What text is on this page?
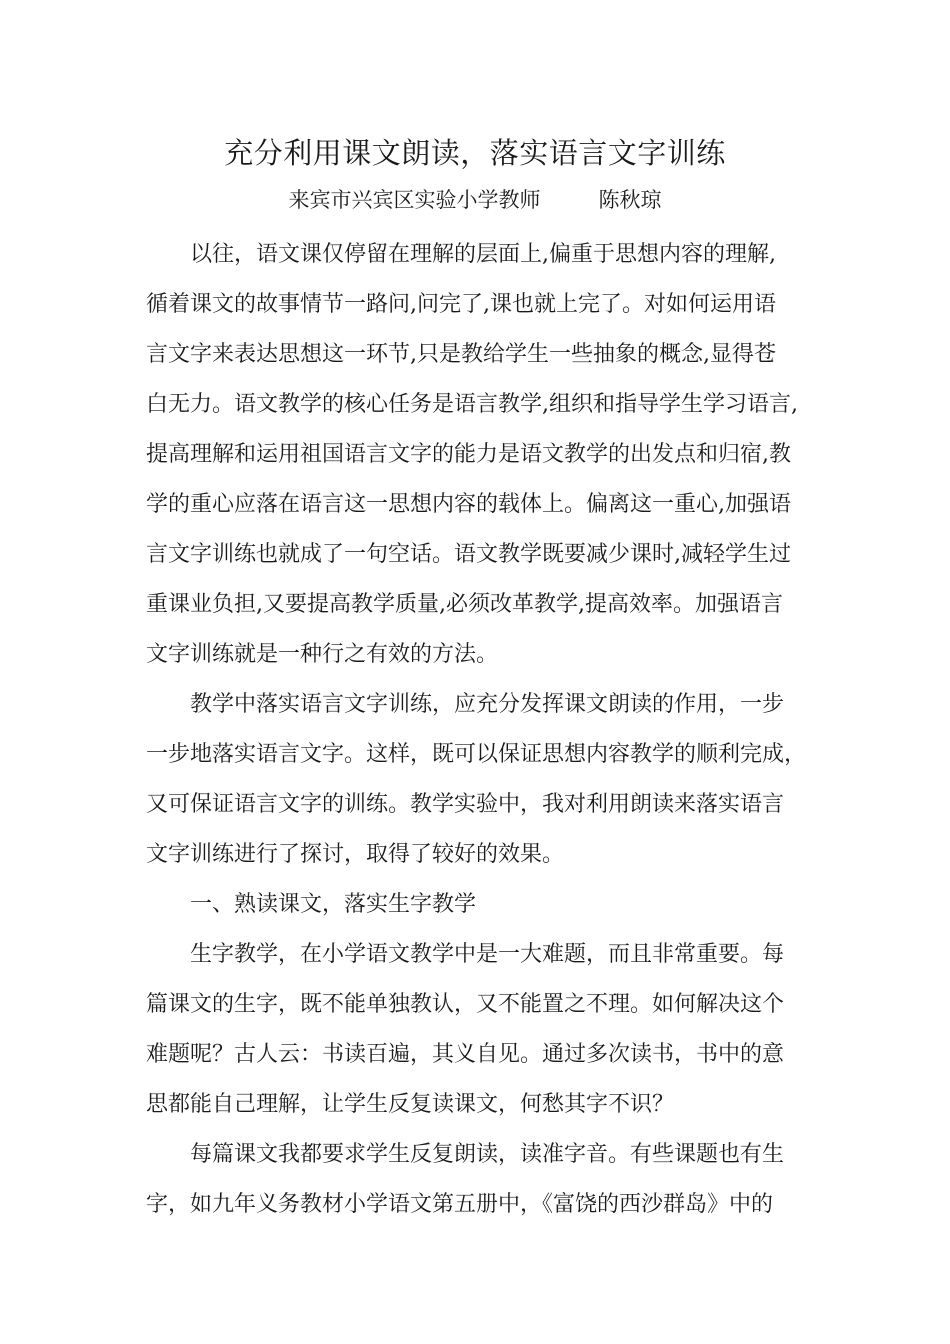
充分利用课文朗读，落实语言文字训练
来宾市兴宾区实验小学教师	陈秋琼
以往，语文课仅停留在理解的层面上,偏重于思想内容的理解,
循着课文的故事情节一路问,问完了,课也就上完了。对如何运用语
言文字来表达思想这一环节,只是教给学生一些抽象的概念,显得苍
白无力。语文教学的核心任务是语言教学,组织和指导学生学习语言,
提高理解和运用祖国语言文字的能力是语文教学的出发点和归宿,教
学的重心应落在语言这一思想内容的载体上。偏离这一重心,加强语
言文字训练也就成了一句空话。语文教学既要减少课时,减轻学生过
重课业负担,又要提高教学质量,必须改革教学,提高效率。加强语言
文字训练就是一种行之有效的方法。
教学中落实语言文字训练，应充分发挥课文朗读的作用，一步
一步地落实语言文字。这样，既可以保证思想内容教学的顺利完成，
又可保证语言文字的训练。教学实验中，我对利用朗读来落实语言
文字训练进行了探讨，取得了较好的效果。
一、熟读课文，落实生字教学
生字教学，在小学语文教学中是一大难题，而且非常重要。每
篇课文的生字，既不能单独教认，又不能置之不理。如何解决这个
难题呢？古人云：书读百遍，其义自见。通过多次读书，书中的意
思都能自己理解，让学生反复读课文，何愁其字不识？
每篇课文我都要求学生反复朗读，读准字音。有些课题也有生
字，如九年义务教材小学语文第五册中，《富饶的西沙群岛》中的
